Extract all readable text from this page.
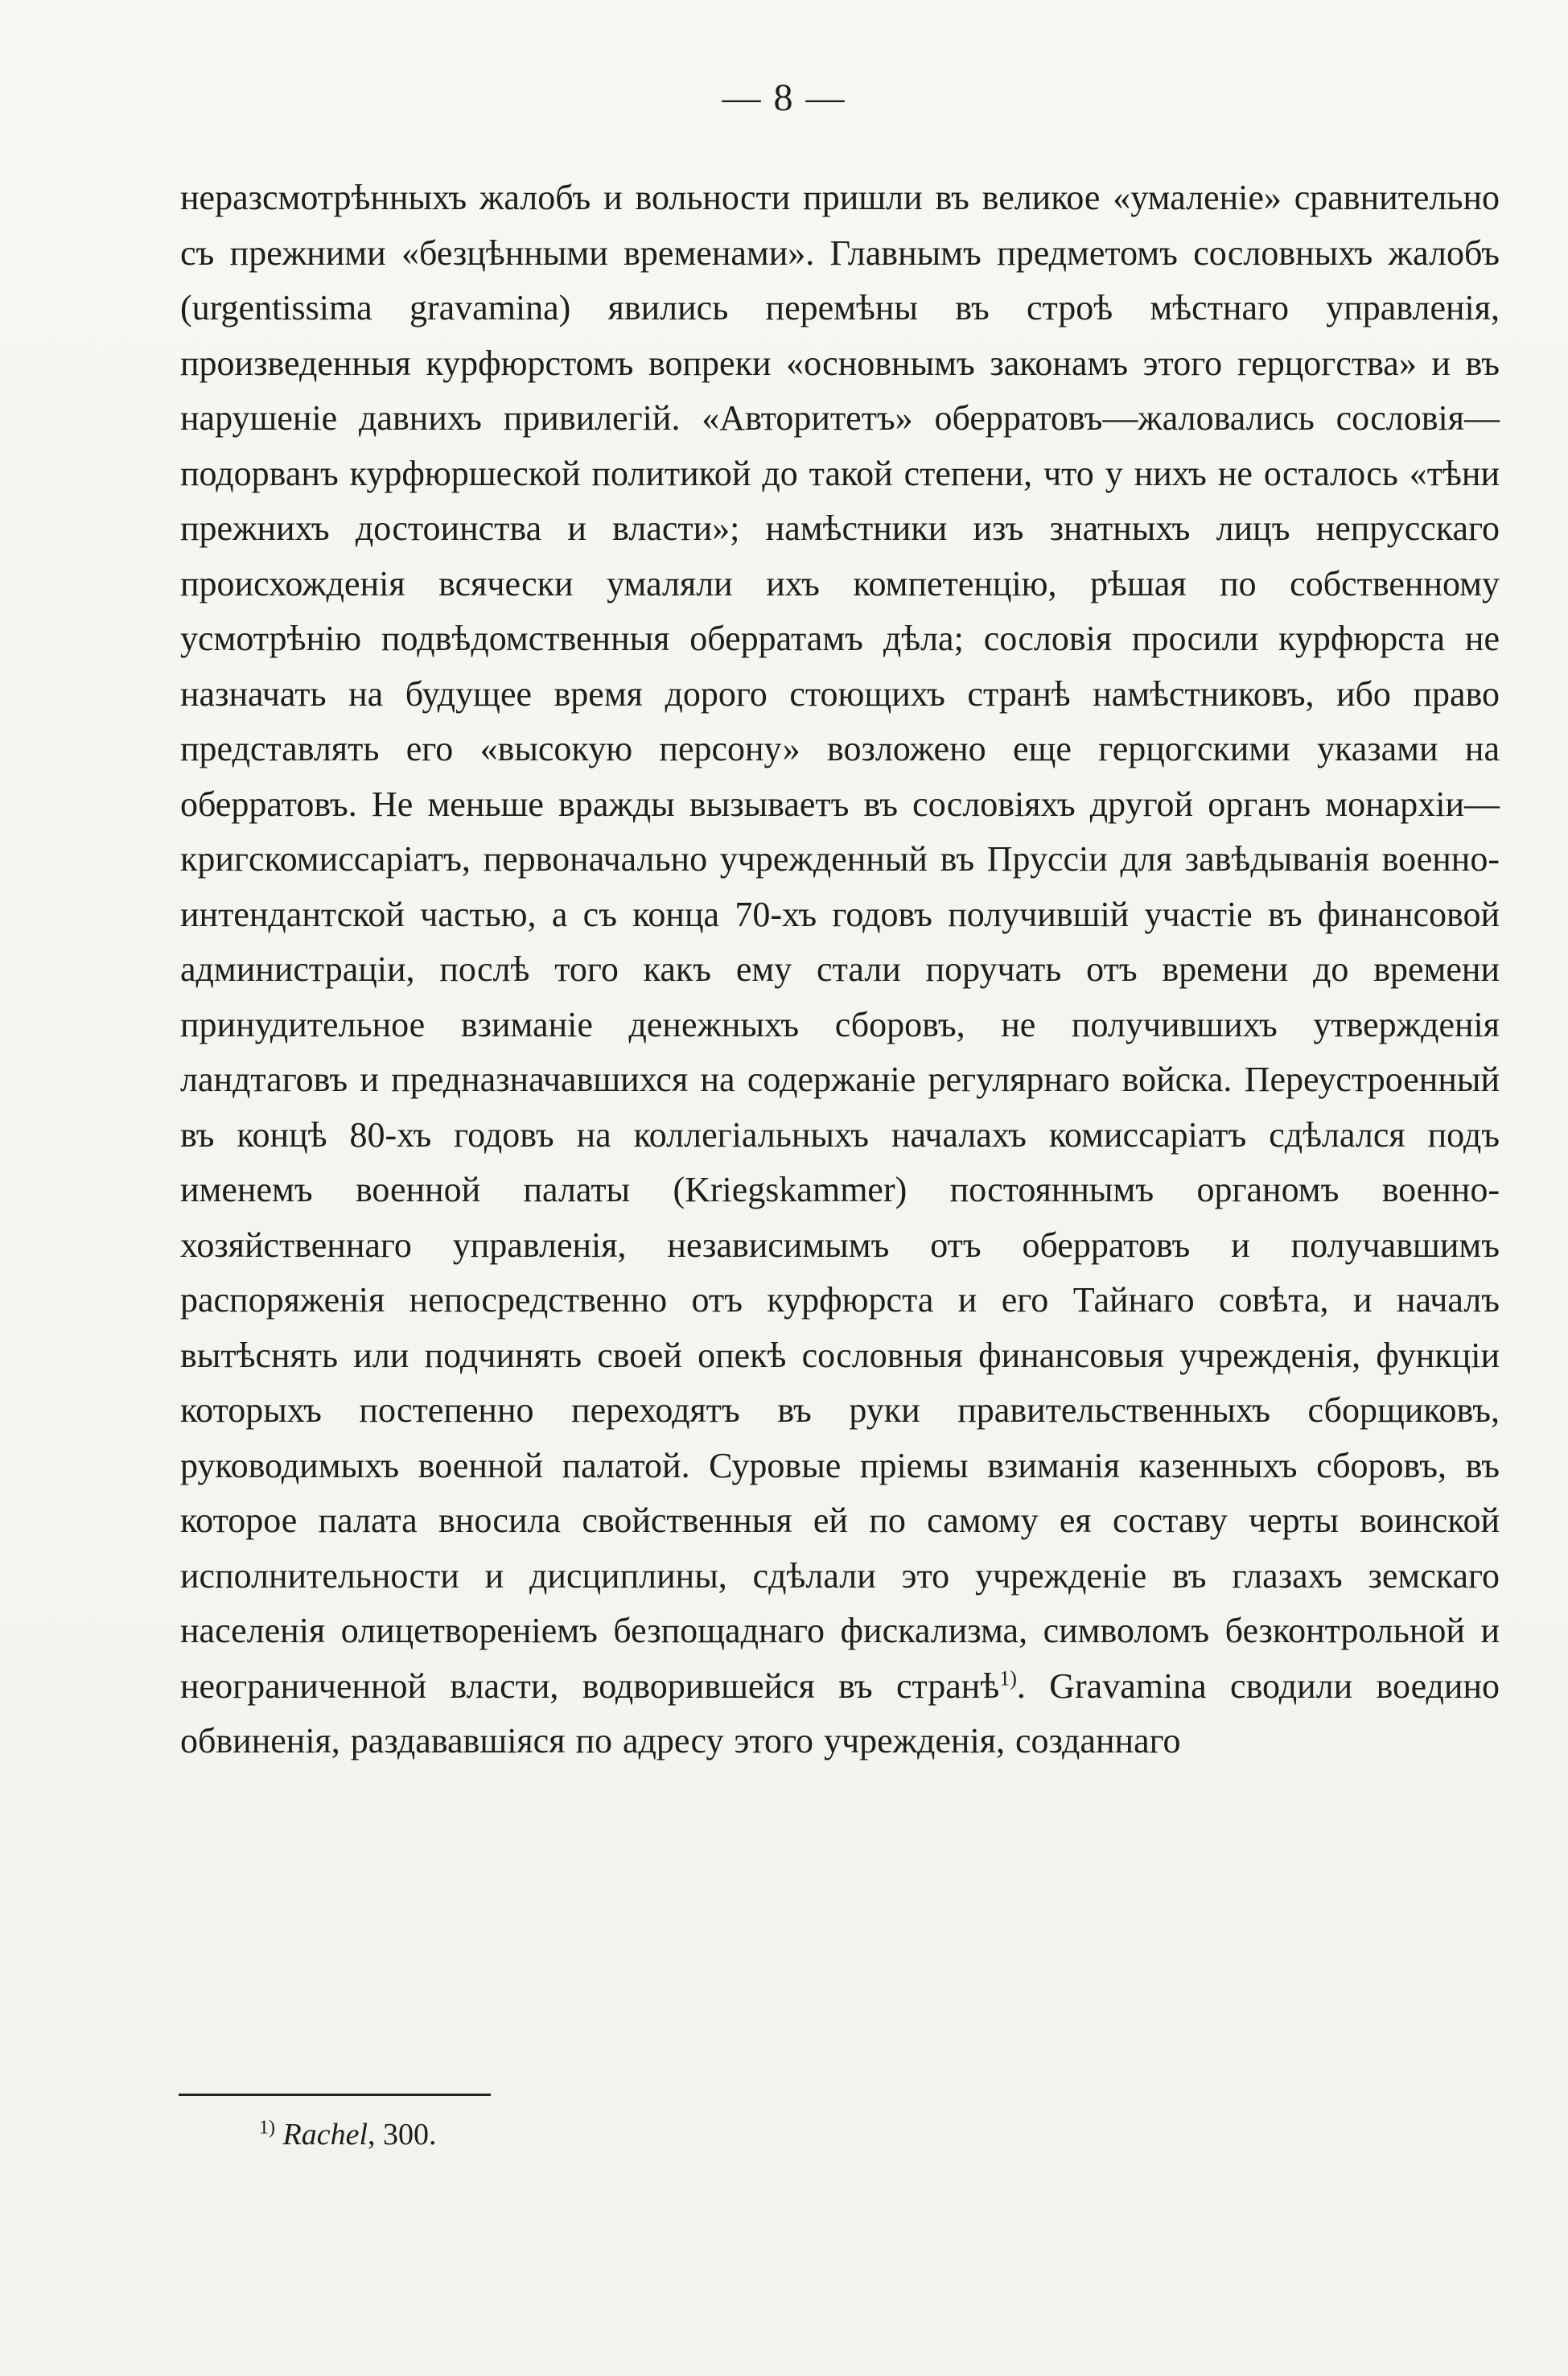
— 8 —

неразсмотрѣнныхъ жалобъ и вольности пришли въ великое «умаленіе» сравнительно съ прежними «безцѣнными временами». Главнымъ предметомъ сословныхъ жалобъ (urgentissima gravamina) явились перемѣны въ строѣ мѣстнаго управленія, произведенныя курфюрстомъ вопреки «основнымъ законамъ этого герцогства» и въ нарушеніе давнихъ привилегій. «Авторитетъ» оберратовъ—жаловались сословія—подорванъ курфюршеской политикой до такой степени, что у нихъ не осталось «тѣни прежнихъ достоинства и власти»; намѣстники изъ знатныхъ лицъ непрусскаго происхожденія всячески умаляли ихъ компетенцію, рѣшая по собственному усмотрѣнію подвѣдомственныя оберратамъ дѣла; сословія просили курфюрста не назначать на будущее время дорого стоющихъ странѣ намѣстниковъ, ибо право представлять его «высокую персону» возложено еще герцогскими указами на оберратовъ. Не меньше вражды вызываетъ въ сословіяхъ другой органъ монархіи—кригскомиссаріатъ, первоначально учрежденный въ Пруссіи для завѣдыванія военно-интендантской частью, а съ конца 70-хъ годовъ получившій участіе въ финансовой администраціи, послѣ того какъ ему стали поручать отъ времени до времени принудительное взиманіе денежныхъ сборовъ, не получившихъ утвержденія ландтаговъ и предназначавшихся на содержаніе регулярнаго войска. Переустроенный въ концѣ 80-хъ годовъ на коллегіальныхъ началахъ комиссаріатъ сдѣлался подъ именемъ военной палаты (Kriegskammer) постояннымъ органомъ военно-хозяйственнаго управленія, независимымъ отъ оберратовъ и получавшимъ распоряженія непосредственно отъ курфюрста и его Тайнаго совѣта, и началъ вытѣснять или подчинять своей опекѣ сословныя финансовыя учрежденія, функціи которыхъ постепенно переходятъ въ руки правительственныхъ сборщиковъ, руководимыхъ военной палатой. Суровые пріемы взиманія казенныхъ сборовъ, въ которое палата вносила свойственныя ей по самому ея составу черты воинской исполнительности и дисциплины, сдѣлали это учрежденіе въ глазахъ земскаго населенія олицетвореніемъ безпощаднаго фискализма, символомъ безконтрольной и неограниченной власти, водворившейся въ странѣ$^{1)}$. Gravamina сводили воедино обвиненія, раздававшіяся по адресу этого учрежденія, созданнаго

$^{1)}$ Rachel, 300.
